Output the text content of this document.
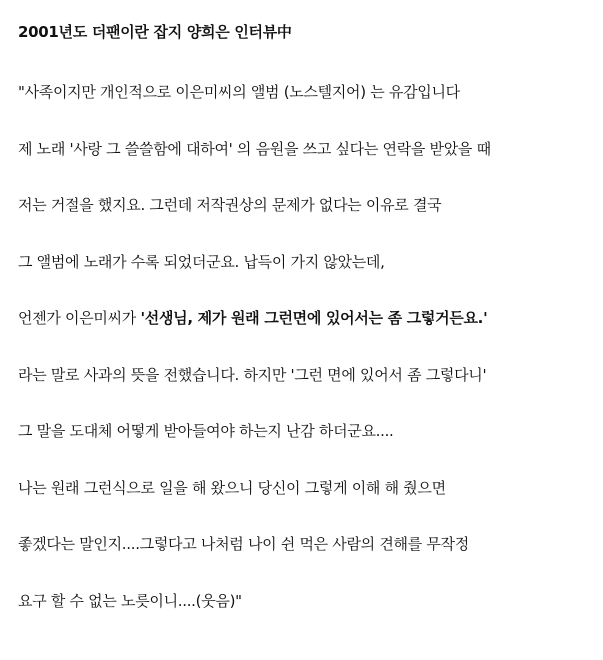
2001년도 더팬이란 잡지 양희은 인터뷰中
"사족이지만 개인적으로 이은미씨의 앨범 (노스텔지어) 는 유감입니다
제 노래 '사랑 그 쓸쓸함에 대하여' 의 음원을 쓰고 싶다는 연락을 받았을 때
저는 거절을 했지요. 그런데 저작권상의 문제가 없다는 이유로 결국
그 앨범에 노래가 수록 되었더군요. 납득이 가지 않았는데,
언젠가 이은미씨가 '선생님, 제가 원래 그런면에 있어서는 좀 그렇거든요.'
라는 말로 사과의 뜻을 전했습니다. 하지만 '그런 면에 있어서 좀 그렇다니'
그 말을 도대체 어떻게 받아들여야 하는지 난감 하더군요....
나는 원래 그런식으로 일을 해 왔으니 당신이 그렇게 이해 해 줬으면
좋겠다는 말인지....그렇다고 나처럼 나이 쉰 먹은 사람의 견해를 무작정
요구 할 수 없는 노릇이니....(웃음)"
